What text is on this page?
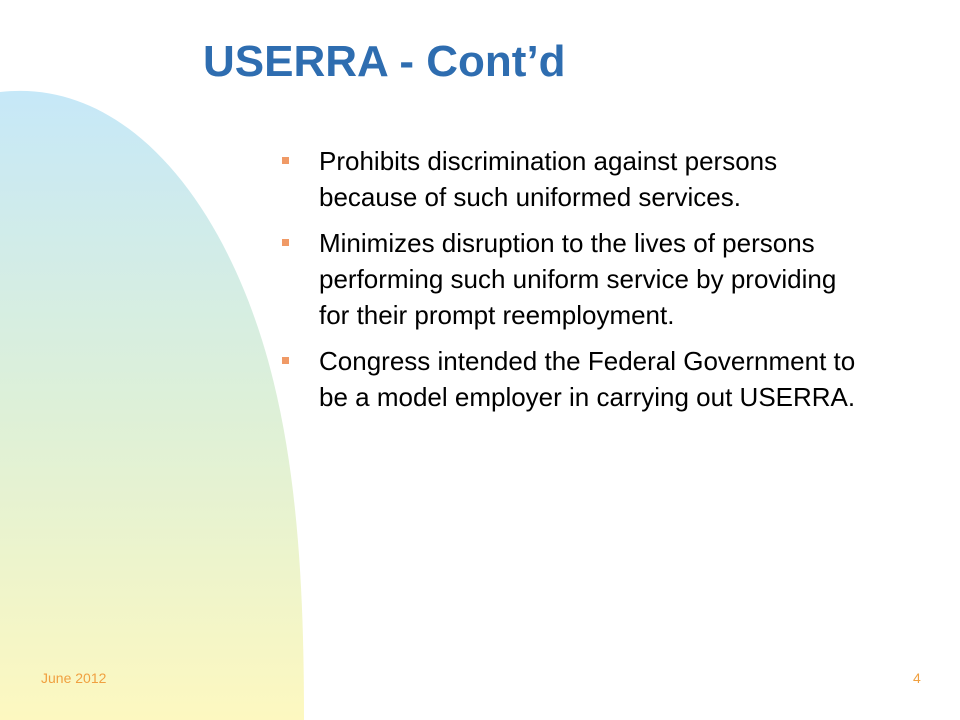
USERRA - Cont’d
Prohibits discrimination against persons because of such uniformed services.
Minimizes disruption to the lives of persons performing such uniform service by providing for their prompt reemployment.
Congress intended the Federal Government to be a model employer in carrying out USERRA.
June 2012	4
